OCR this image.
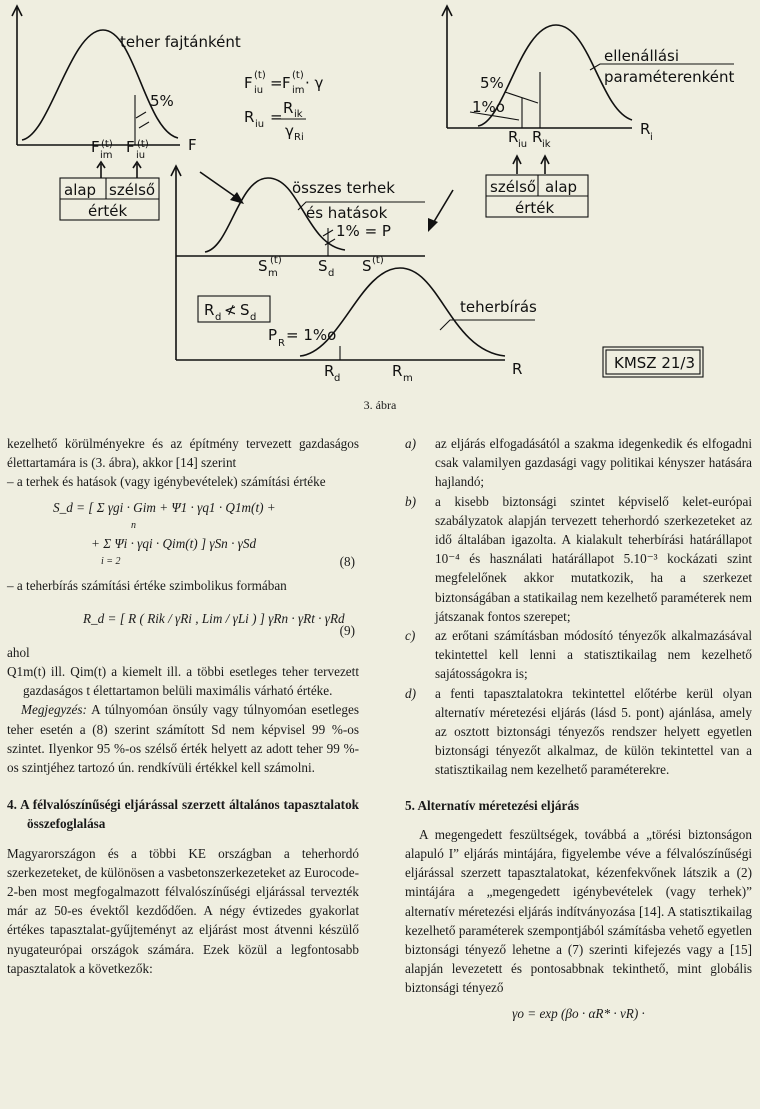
teher fajtánként
5%
F
F (t)
im F (t)
iu
alap szélső
érték
F (t)
iu = F (t)
im · γ
R iu = R ik
γ Ri
ellenállási
paraméterenként
5%
1%o
R iu R ik
R i
szélső alap
érték
összes terhek
és hatások
1% = P
S (t)
m	S d S (t)
teherbírás
R d ≮ S d
P R = 1%o
R d	R m
R	KMSZ 21/3
3. ábra

kezelhető körülményekre és az építmény tervezett gazdaságos élettartamára is (3. ábra), akkor [14] szerint

– a terhek és hatások (vagy igénybevételek) számítási értéke

S_d = [ Σ γgi · Gim + Ψ1 · γq1 · Q1m(t) +
n
+ Σ Ψi · γqi · Qim(t) ] γSn · γSd
i = 2	(8)

– a teherbírás számítási értéke szimbolikus formában

R_d = [ R ( Rik / γRi , Lim / γLi ) ] γRn · γRt · γRd
(9)

ahol

Q1m(t) ill. Qim(t) a kiemelt ill. a többi esetleges teher tervezett gazdaságos t élettartamon belüli maximális várható értéke.

Megjegyzés: A túlnyomóan önsúly vagy túlnyomóan esetleges teher esetén a (8) szerint számított Sd nem képvisel 99 %-os szintet. Ilyenkor 95 %-os szélső érték helyett az adott teher 99 %-os szintjéhez tartozó ún. rendkívüli értékkel kell számolni.

4. A félvalószínűségi eljárással szerzett általános tapasztalatok összefoglalása

Magyarországon és a többi KE országban a teherhordó szerkezeteket, de különösen a vasbetonszerkezeteket az Eurocode-2-ben most megfogalmazott félvalószínűségi eljárással tervezték már az 50-es évektől kezdődően. A négy évtizedes gyakorlat értékes tapasztalat-gyűjteményt az eljárást most átvenni készülő nyugateurópai országok számára. Ezek közül a legfontosabb tapasztalatok a következők:

a) az eljárás elfogadásától a szakma idegenkedik és elfogadni csak valamilyen gazdasági vagy politikai kényszer hatására hajlandó;
b) a kisebb biztonsági szintet képviselő kelet-európai szabályzatok alapján tervezett teherhordó szerkezeteket az idő általában igazolta. A kialakult teherbírási határállapot 10⁻⁴ és használati határállapot 5.10⁻³ kockázati szint megfelelőnek akkor mutatkozik, ha a szerkezet biztonságában a statikailag nem kezelhető paraméterek nem játszanak fontos szerepet;
c) az erőtani számításban módosító tényezők alkalmazásával tekintettel kell lenni a statisztikailag nem kezelhető sajátosságokra is;
d) a fenti tapasztalatokra tekintettel előtérbe kerül olyan alternatív méretezési eljárás (lásd 5. pont) ajánlása, amely az osztott biztonsági tényezős rendszer helyett egyetlen biztonsági tényezőt alkalmaz, de külön tekintettel van a statisztikailag nem kezelhető paraméterekre.

5. Alternatív méretezési eljárás

A megengedett feszültségek, továbbá a „törési biztonságon alapuló I” eljárás mintájára, figyelembe véve a félvalószínűségi eljárással szerzett tapasztalatokat, kézenfekvőnek látszik a (2) mintájára a „megengedett igénybevételek (vagy terhek)” alternatív méretezési eljárás indítványozása [14]. A statisztikailag kezelhető paraméterek szempontjából számításba vehető egyetlen biztonsági tényező lehetne a (7) szerinti kifejezés vagy a [15] alapján levezetett és pontosabbnak tekinthető, mint globális biztonsági tényező

γo = exp (βo · αR* · vR) ·
